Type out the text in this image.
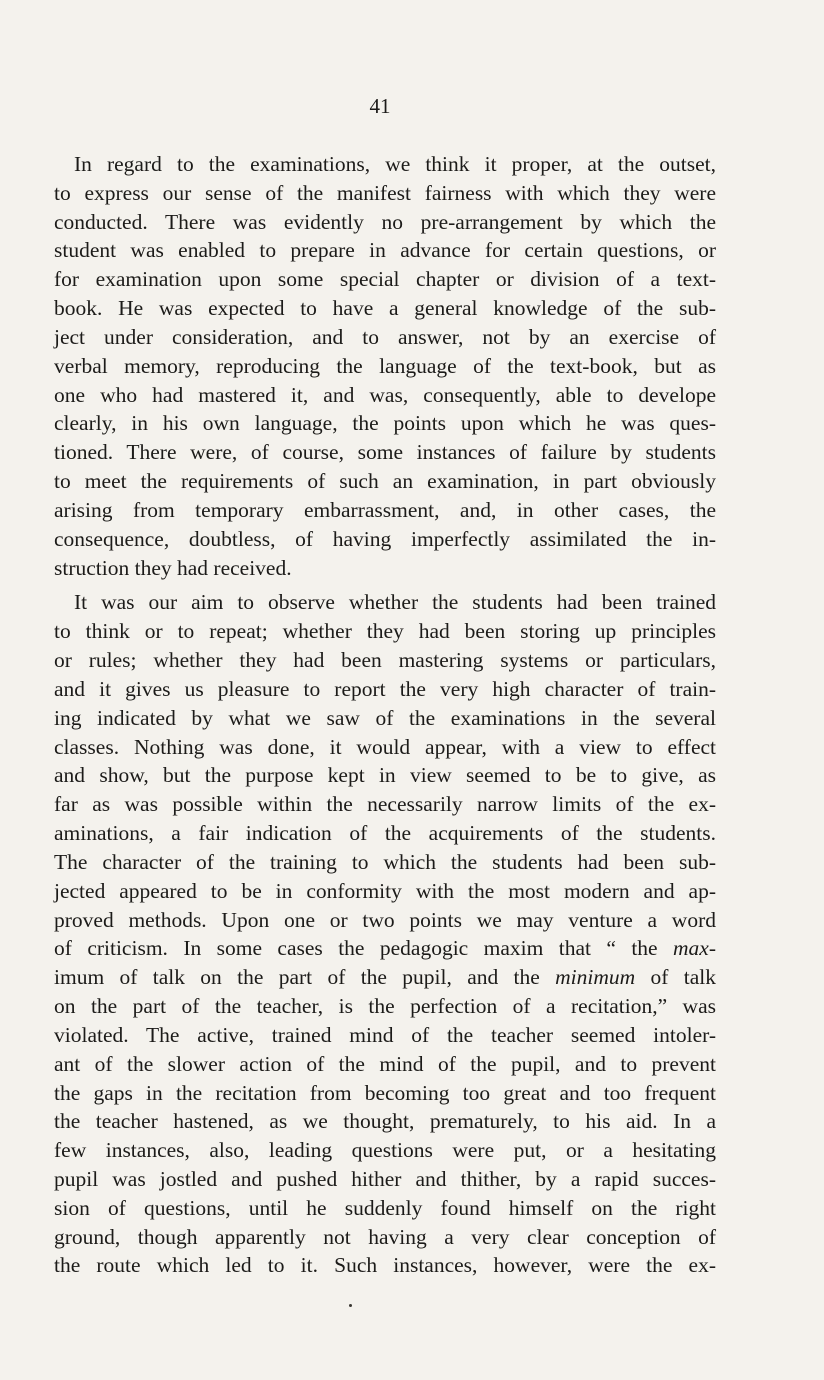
41
In regard to the examinations, we think it proper, at the outset,
to express our sense of the manifest fairness with which they were
conducted. There was evidently no pre-arrangement by which the
student was enabled to prepare in advance for certain questions, or
for examination upon some special chapter or division of a text-
book. He was expected to have a general knowledge of the sub-
ject under consideration, and to answer, not by an exercise of
verbal memory, reproducing the language of the text-book, but as
one who had mastered it, and was, consequently, able to develope
clearly, in his own language, the points upon which he was ques-
tioned. There were, of course, some instances of failure by students
to meet the requirements of such an examination, in part obviously
arising from temporary embarrassment, and, in other cases, the
consequence, doubtless, of having imperfectly assimilated the in-
struction they had received.
It was our aim to observe whether the students had been trained
to think or to repeat; whether they had been storing up principles
or rules; whether they had been mastering systems or particulars,
and it gives us pleasure to report the very high character of train-
ing indicated by what we saw of the examinations in the several
classes. Nothing was done, it would appear, with a view to effect
and show, but the purpose kept in view seemed to be to give, as
far as was possible within the necessarily narrow limits of the ex-
aminations, a fair indication of the acquirements of the students.
The character of the training to which the students had been sub-
jected appeared to be in conformity with the most modern and ap-
proved methods. Upon one or two points we may venture a word
of criticism. In some cases the pedagogic maxim that “ the max-
imum of talk on the part of the pupil, and the minimum of talk
on the part of the teacher, is the perfection of a recitation,” was
violated. The active, trained mind of the teacher seemed intoler-
ant of the slower action of the mind of the pupil, and to prevent
the gaps in the recitation from becoming too great and too frequent
the teacher hastened, as we thought, prematurely, to his aid. In a
few instances, also, leading questions were put, or a hesitating
pupil was jostled and pushed hither and thither, by a rapid succes-
sion of questions, until he suddenly found himself on the right
ground, though apparently not having a very clear conception of
the route which led to it. Such instances, however, were the ex-
